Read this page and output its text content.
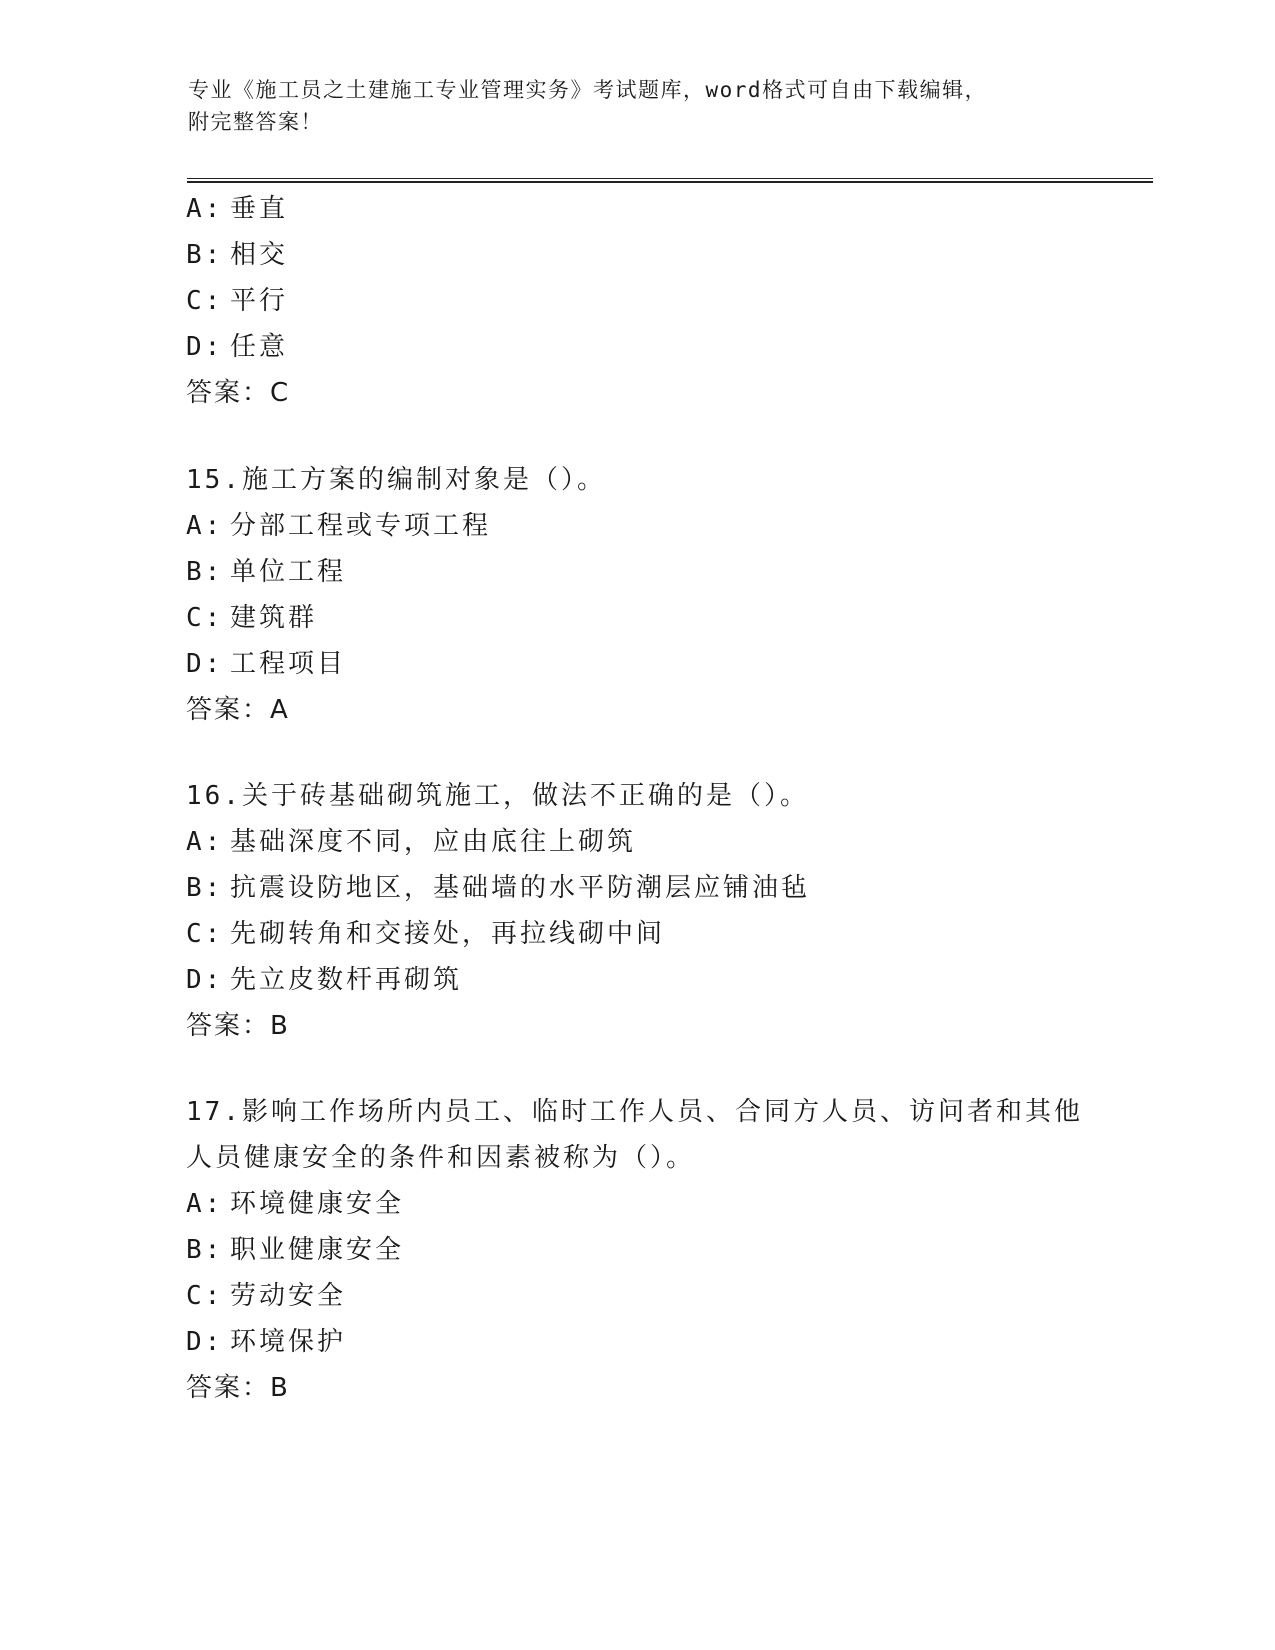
专业《施工员之土建施工专业管理实务》考试题库，word格式可自由下载编辑，
附完整答案！
A: 垂直
B: 相交
C: 平行
D: 任意
答案：C
15.施工方案的编制对象是（）。
A: 分部工程或专项工程
B: 单位工程
C: 建筑群
D: 工程项目
答案：A
16.关于砖基础砌筑施工，做法不正确的是（）。
A: 基础深度不同，应由底往上砌筑
B: 抗震设防地区，基础墙的水平防潮层应铺油毡
C: 先砌转角和交接处，再拉线砌中间
D: 先立皮数杆再砌筑
答案：B
17.影响工作场所内员工、临时工作人员、合同方人员、访问者和其他
人员健康安全的条件和因素被称为（）。
A: 环境健康安全
B: 职业健康安全
C: 劳动安全
D: 环境保护
答案：B
